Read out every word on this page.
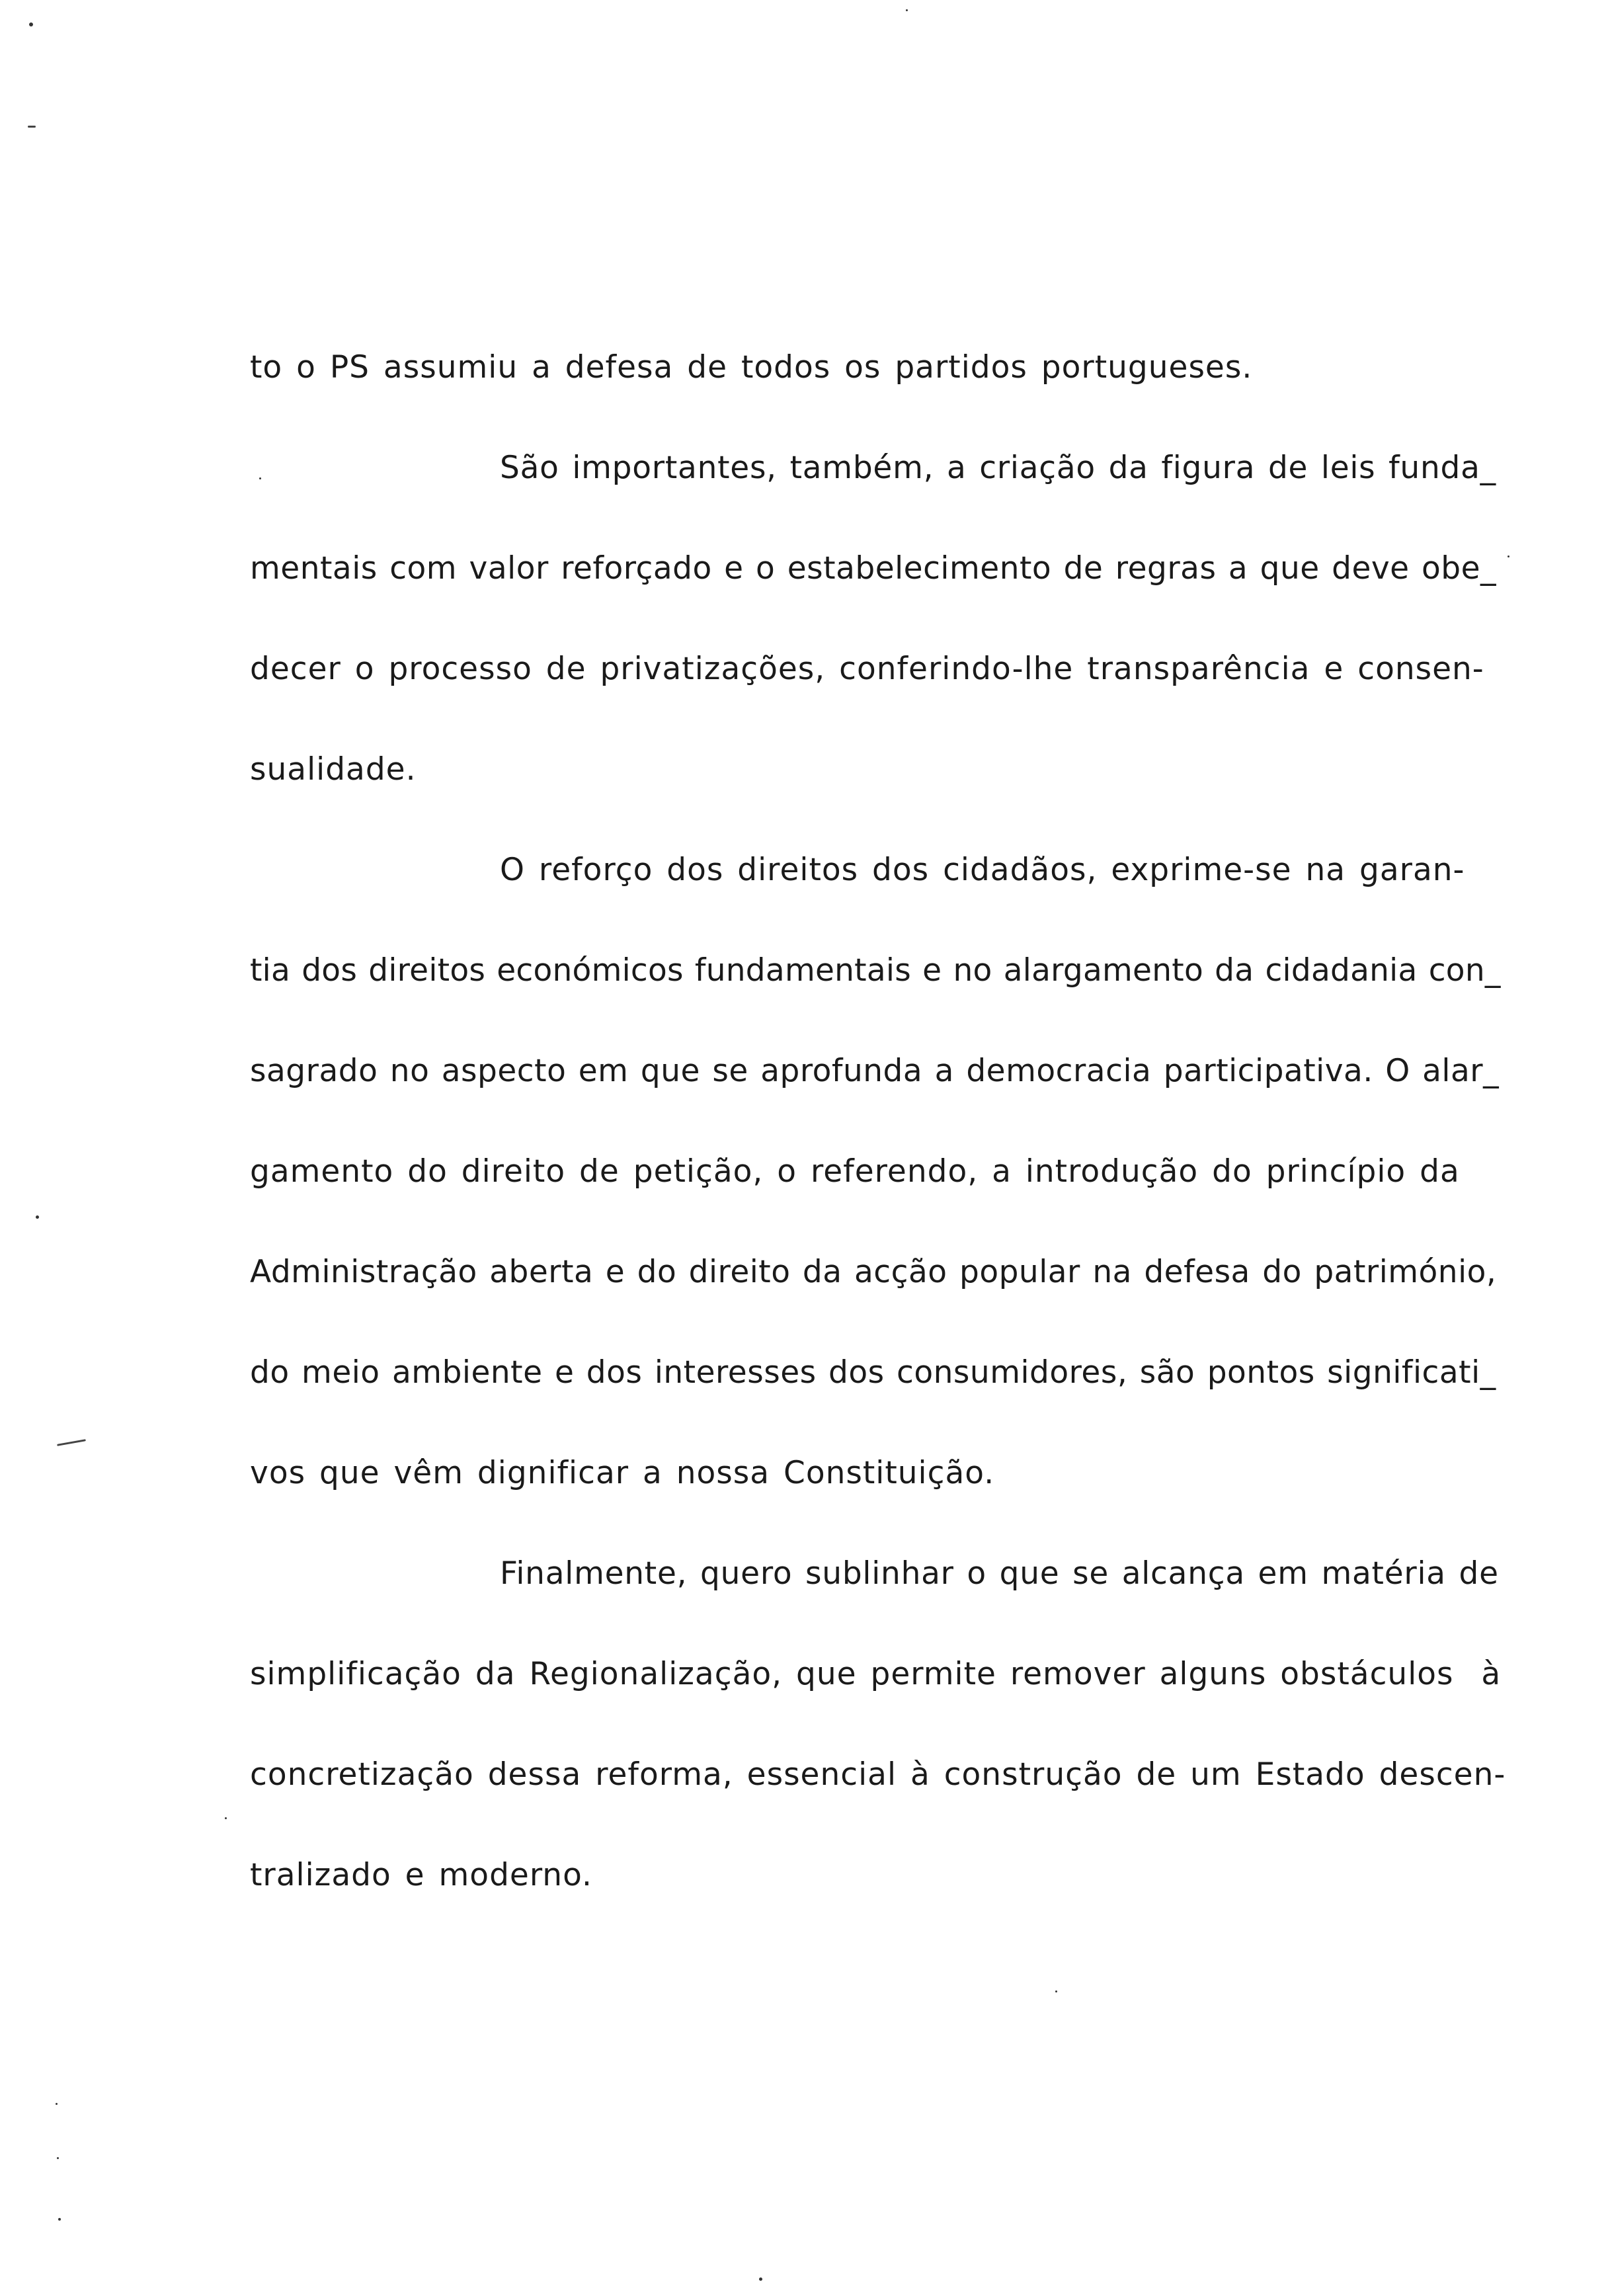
to o PS assumiu a defesa de todos os partidos portugueses.
São importantes, também, a criação da figura de leis funda_
mentais com valor reforçado e o estabelecimento de regras a que deve obe_
decer o processo de privatizações, conferindo-lhe transparência e consen-
sualidade.
O reforço dos direitos dos cidadãos, exprime-se na garan-
tia dos direitos económicos fundamentais e no alargamento da cidadania con_
sagrado no aspecto em que se aprofunda a democracia participativa. O alar_
gamento do direito de petição, o referendo, a introdução do princípio da
Administração aberta e do direito da acção popular na defesa do património,
do meio ambiente e dos interesses dos consumidores, são pontos significati_
vos que vêm dignificar a nossa Constituição.
Finalmente, quero sublinhar o que se alcança em matéria de
simplificação da Regionalização, que permite remover alguns obstáculos  à
concretização dessa reforma, essencial à construção de um Estado descen-
tralizado e moderno.
